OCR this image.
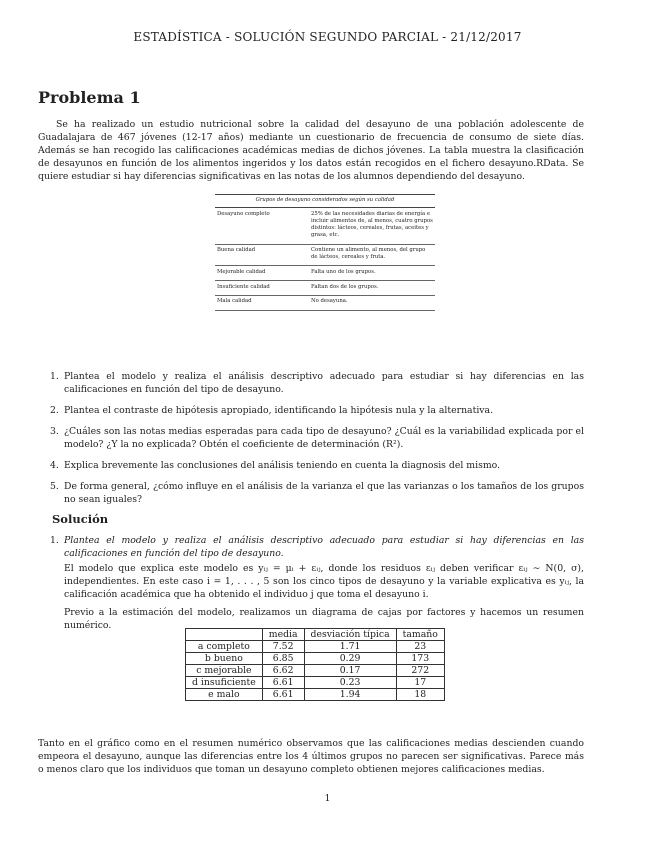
ESTADÍSTICA - SOLUCIÓN SEGUNDO PARCIAL - 21/12/2017
Problema 1

Se ha realizado un estudio nutricional sobre la calidad del desayuno de una población adolescente de Guadalajara de 467 jóvenes (12-17 años) mediante un cuestionario de frecuencia de consumo de siete días. Además se han recogido las calificaciones académicas medias de dichos jóvenes. La tabla muestra la clasificación de desayunos en función de los alimentos ingeridos y los datos están recogidos en el fichero desayuno.RData. Se quiere estudiar si hay diferencias significativas en las notas de los alumnos dependiendo del desayuno.

Grupos de desayuno considerados según su calidad	
Desayuno completo	25% de las necesidades diarias de energía e incluir alimentos de, al menos, cuatro grupos distintos: lácteos, cereales, frutas, aceites y grasa, etc.
Buena calidad	Contiene un alimento, al menos, del grupo de lácteos, cereales y fruta.
Mejorable calidad	Falta uno de los grupos.
Insuficiente calidad	Faltan dos de los grupos.
Mala calidad	No desayuna.
1. Plantea el modelo y realiza el análisis descriptivo adecuado para estudiar si hay diferencias en las calificaciones en función del tipo de desayuno.
2. Plantea el contraste de hipótesis apropiado, identificando la hipótesis nula y la alternativa.
3. ¿Cuáles son las notas medias esperadas para cada tipo de desayuno? ¿Cuál es la variabilidad explicada por el modelo? ¿Y la no explicada? Obtén el coeficiente de determinación (R²).
4. Explica brevemente las conclusiones del análisis teniendo en cuenta la diagnosis del mismo.
5. De forma general, ¿cómo influye en el análisis de la varianza el que las varianzas o los tamaños de los grupos no sean iguales?
Solución
1. Plantea el modelo y realiza el análisis descriptivo adecuado para estudiar si hay diferencias en las calificaciones en función del tipo de desayuno.

El modelo que explica este modelo es yᵢⱼ = μᵢ + εᵢⱼ, donde los residuos εᵢⱼ deben verificar εᵢⱼ ∼ N(0, σ), independientes. En este caso i = 1, . . . , 5 son los cinco tipos de desayuno y la variable explicativa es yᵢⱼ, la calificación académica que ha obtenido el individuo j que toma el desayuno i.

Previo a la estimación del modelo, realizamos un diagrama de cajas por factores y hacemos un resumen numérico.

	media	desviación típica	tamaño
a completo	7.52	1.71	23
b bueno	6.85	0.29	173
c mejorable	6.62	0.17	272
d insuficiente	6.61	0.23	17
e malo	6.61	1.94	18

Tanto en el gráfico como en el resumen numérico observamos que las calificaciones medias descienden cuando empeora el desayuno, aunque las diferencias entre los 4 últimos grupos no parecen ser significativas. Parece más o menos claro que los individuos que toman un desayuno completo obtienen mejores calificaciones medias.

1
